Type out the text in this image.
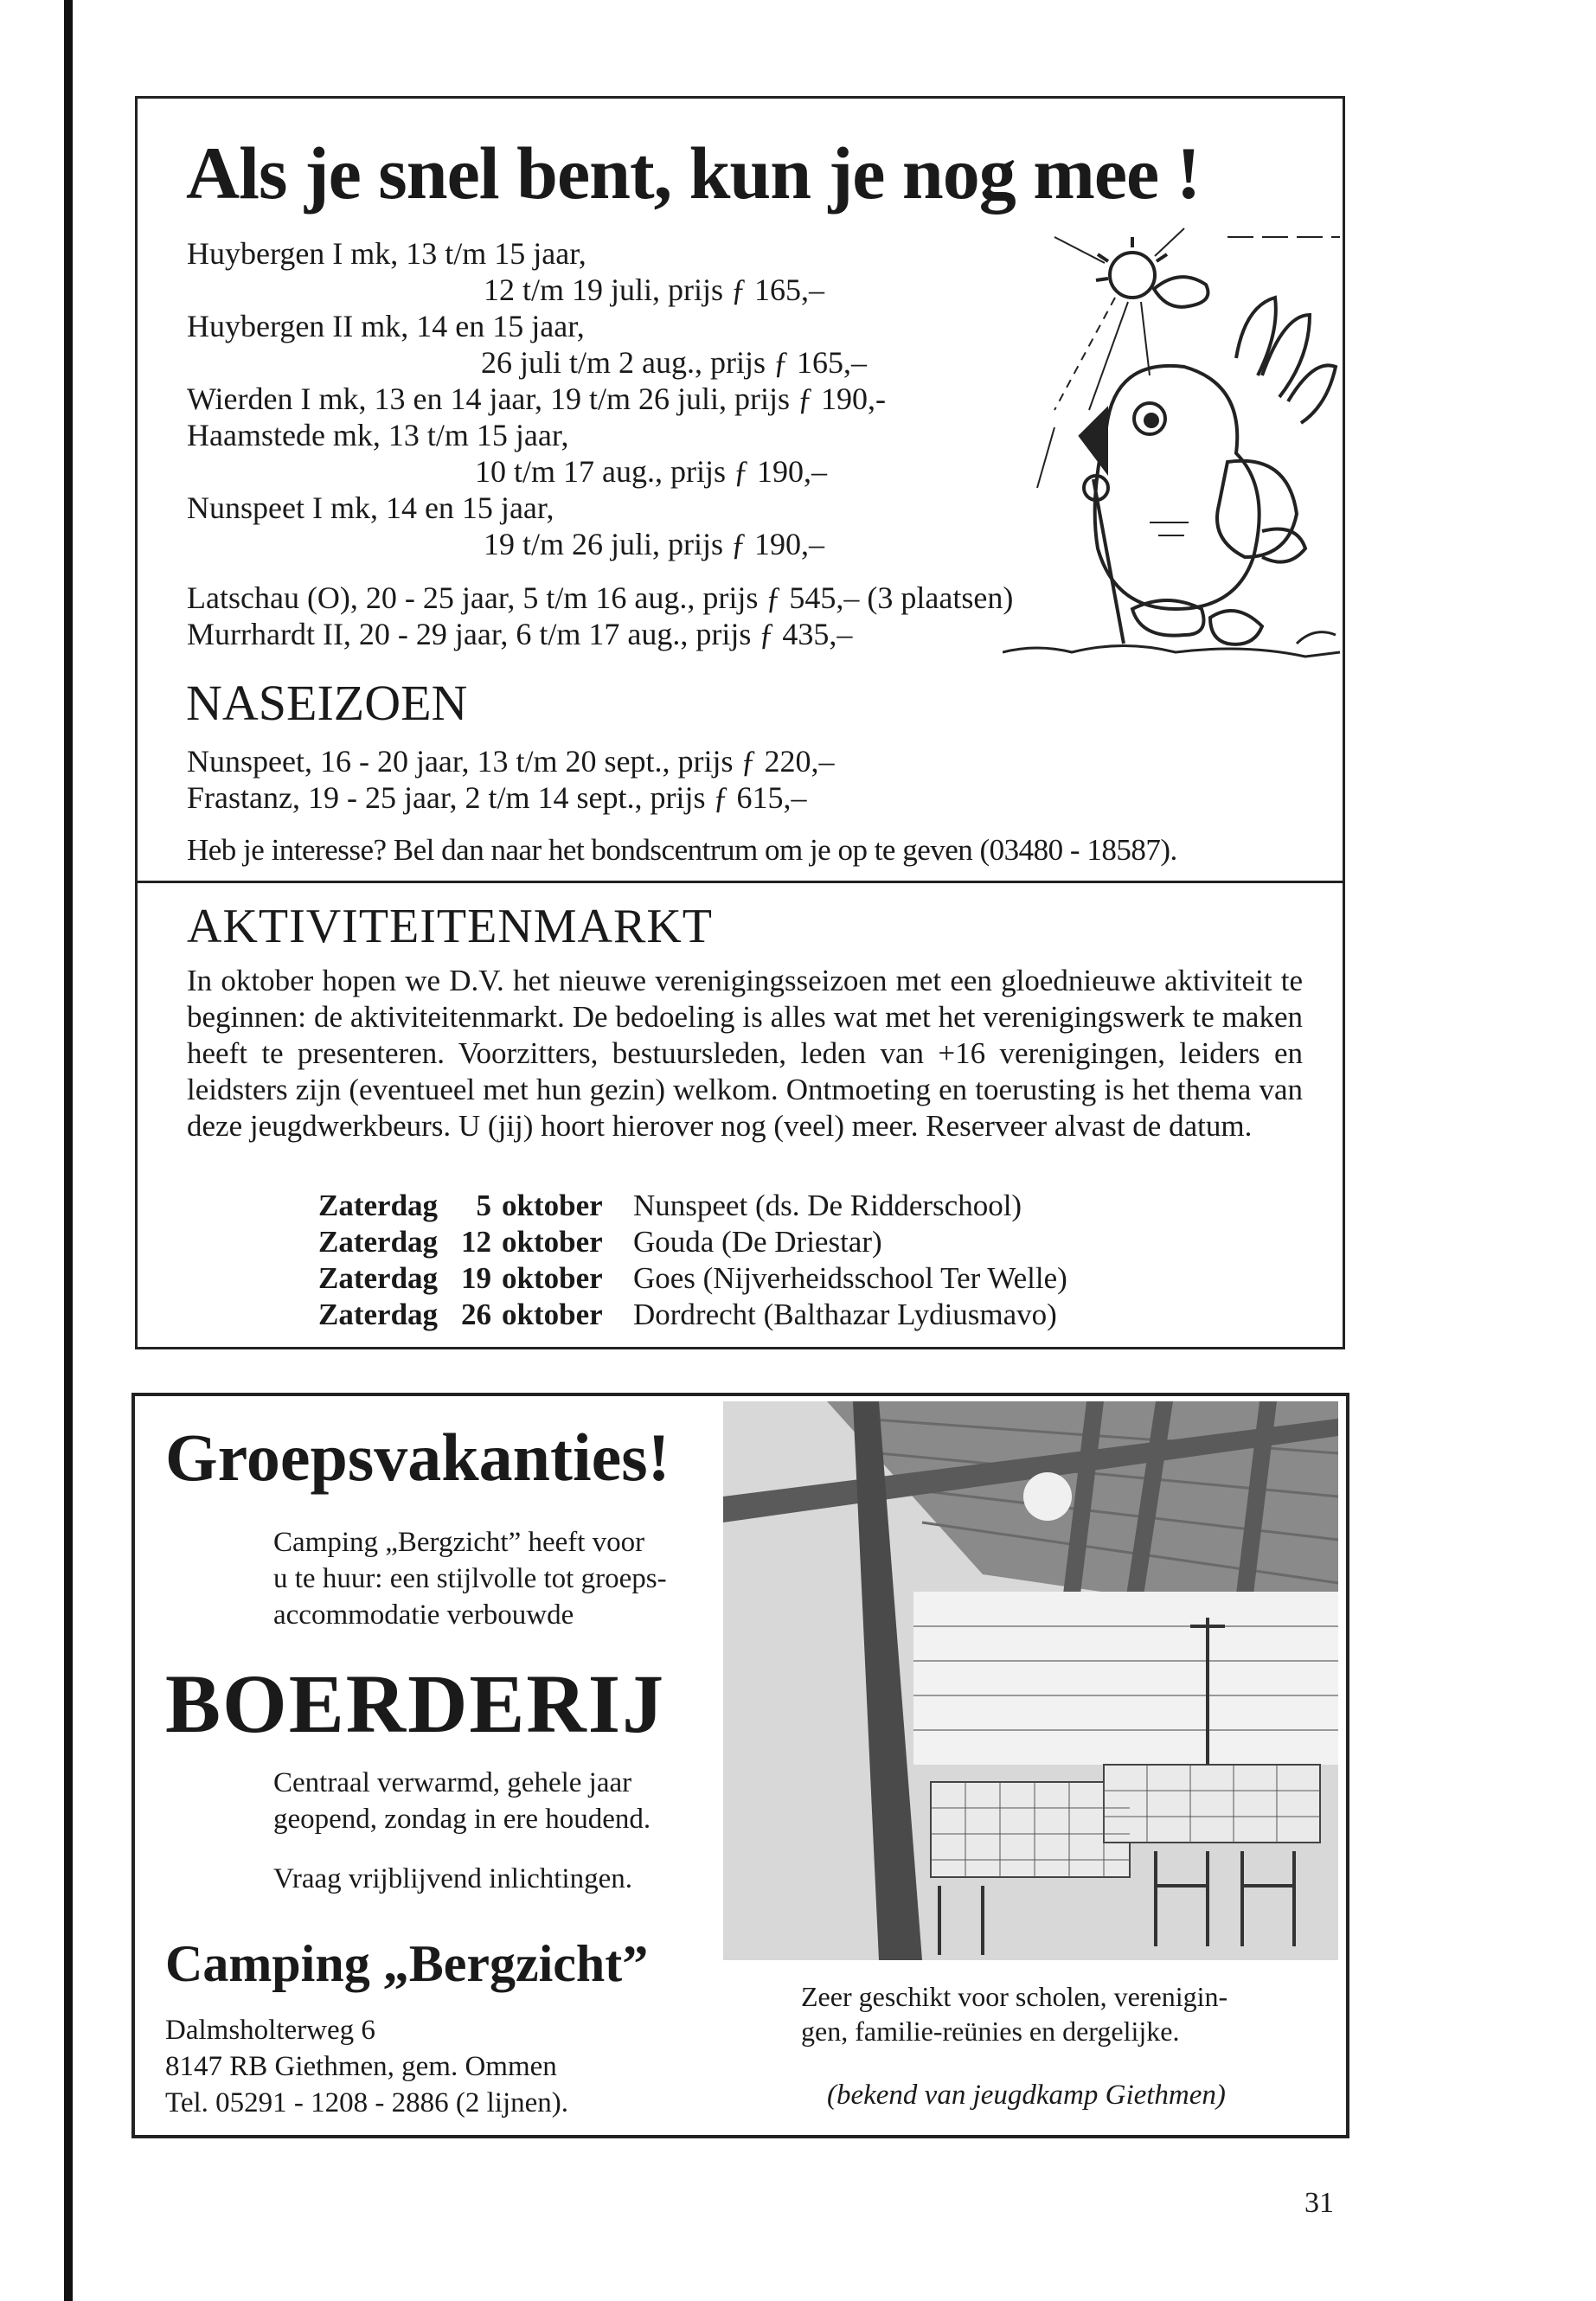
Als je snel bent, kun je nog mee !
Huybergen I mk, 13 t/m 15 jaar,
12 t/m 19 juli, prijs ƒ 165,–
Huybergen II mk, 14 en 15 jaar,
26 juli t/m 2 aug., prijs ƒ 165,–
Wierden I mk, 13 en 14 jaar, 19 t/m 26 juli, prijs ƒ 190,-
Haamstede mk, 13 t/m 15 jaar,
10 t/m 17 aug., prijs ƒ 190,–
Nunspeet I mk, 14 en 15 jaar,
19 t/m 26 juli, prijs ƒ 190,–
Latschau (O), 20 - 25 jaar, 5 t/m 16 aug., prijs ƒ 545,– (3 plaatsen)
Murrhardt II, 20 - 29 jaar, 6 t/m 17 aug., prijs ƒ 435,–
NASEIZOEN
Nunspeet, 16 - 20 jaar, 13 t/m 20 sept., prijs ƒ 220,–
Frastanz, 19 - 25 jaar, 2 t/m 14 sept., prijs ƒ 615,–
Heb je interesse? Bel dan naar het bondscentrum om je op te geven (03480 - 18587).
AKTIVITEITENMARKT
In oktober hopen we D.V. het nieuwe verenigingsseizoen met een gloednieuwe aktiviteit te beginnen: de aktiviteitenmarkt. De bedoeling is alles wat met het verenigingswerk te maken heeft te presenteren. Voorzitters, bestuursleden, leden van +16 verenigingen, leiders en leidsters zijn (eventueel met hun gezin) welkom. Ontmoeting en toerusting is het thema van deze jeugdwerkbeurs. U (jij) hoort hierover nog (veel) meer. Reserveer alvast de datum.
Zaterdag 5 oktober Nunspeet (ds. De Ridderschool)
Zaterdag 12 oktober Gouda (De Driestar)
Zaterdag 19 oktober Goes (Nijverheidsschool Ter Welle)
Zaterdag 26 oktober Dordrecht (Balthazar Lydiusmavo)
Groepsvakanties!
Camping „Bergzicht” heeft voor
u te huur: een stijlvolle tot groeps-
accommodatie verbouwde
BOERDERIJ
Centraal verwarmd, gehele jaar
geopend, zondag in ere houdend.
Vraag vrijblijvend inlichtingen.
Camping „Bergzicht”
Dalmsholterweg 6
8147 RB Giethmen, gem. Ommen
Tel. 05291 - 1208 - 2886 (2 lijnen).
Zeer geschikt voor scholen, verenigin-
gen, familie-reünies en dergelijke.
(bekend van jeugdkamp Giethmen)
31
